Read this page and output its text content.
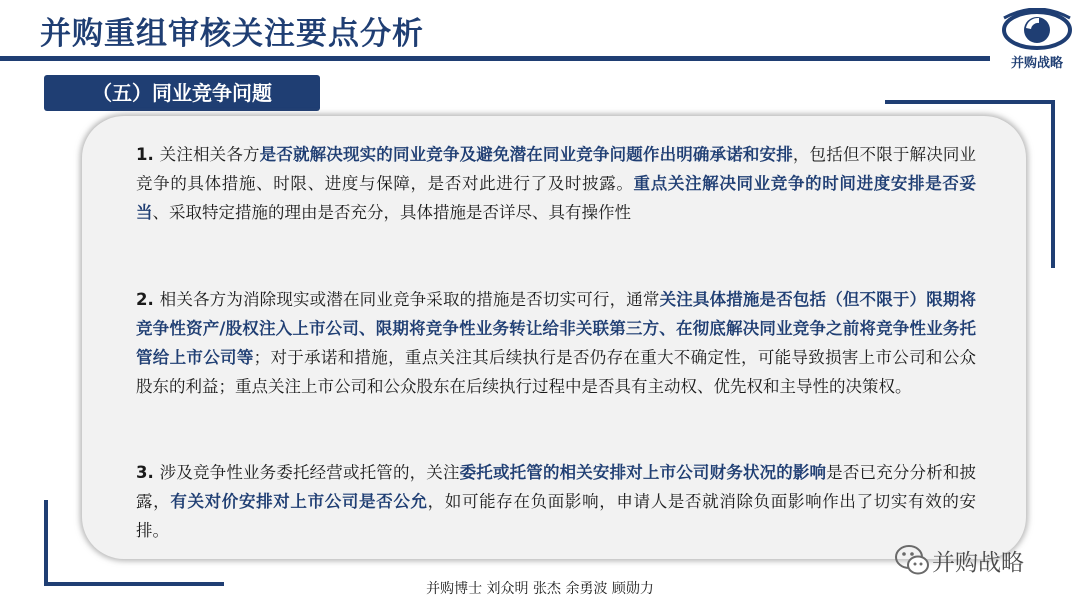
并购重组审核关注要点分析
并购战略
（五）同业竞争问题

1. 关注相关各方是否就解决现实的同业竞争及避免潜在同业竞争问题作出明确承诺和安排，包括但不限于解决同业竞争的具体措施、时限、进度与保障，是否对此进行了及时披露。重点关注解决同业竞争的时间进度安排是否妥当、采取特定措施的理由是否充分，具体措施是否详尽、具有操作性

2. 相关各方为消除现实或潜在同业竞争采取的措施是否切实可行，通常关注具体措施是否包括（但不限于）限期将竞争性资产/股权注入上市公司、限期将竞争性业务转让给非关联第三方、在彻底解决同业竞争之前将竞争性业务托管给上市公司等；对于承诺和措施，重点关注其后续执行是否仍存在重大不确定性，可能导致损害上市公司和公众股东的利益；重点关注上市公司和公众股东在后续执行过程中是否具有主动权、优先权和主导性的决策权。

3. 涉及竞争性业务委托经营或托管的，关注委托或托管的相关安排对上市公司财务状况的影响是否已充分分析和披露，有关对价安排对上市公司是否公允，如可能存在负面影响，申请人是否就消除负面影响作出了切实有效的安排。

并购战略
并购博士 刘众明 张杰 余勇波 顾勋力
